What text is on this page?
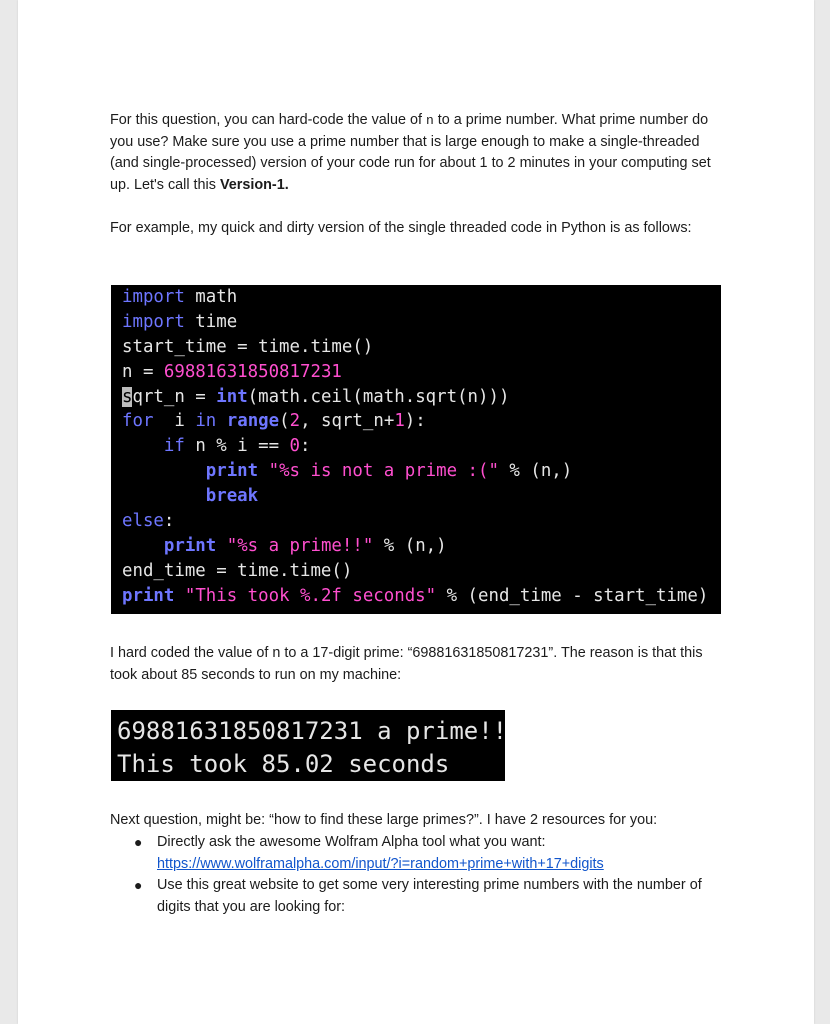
For this question, you can hard-code the value of n to a prime number. What prime number do you use? Make sure you use a prime number that is large enough to make a single-threaded (and single-processed) version of your code run for about 1 to 2 minutes in your computing set up. Let's call this Version-1.

For example, my quick and dirty version of the single threaded code in Python is as follows:

import math
import time
start_time = time.time()
n = 69881631850817231
sqrt_n = int(math.ceil(math.sqrt(n)))
for  i in range(2, sqrt_n+1):
if n % i == 0:
print "%s is not a prime :(" % (n,)
break
else:
print "%s a prime!!" % (n,)
end_time = time.time()
print "This took %.2f seconds" % (end_time - start_time)

I hard coded the value of n to a 17-digit prime: “69881631850817231”. The reason is that this took about 85 seconds to run on my machine:

69881631850817231 a prime!!
This took 85.02 seconds

Next question, might be: “how to find these large primes?”. I have 2 resources for you:

● Directly ask the awesome Wolfram Alpha tool what you want:
https://www.wolframalpha.com/input/?i=random+prime+with+17+digits
● Use this great website to get some very interesting prime numbers with the number of digits that you are looking for:
